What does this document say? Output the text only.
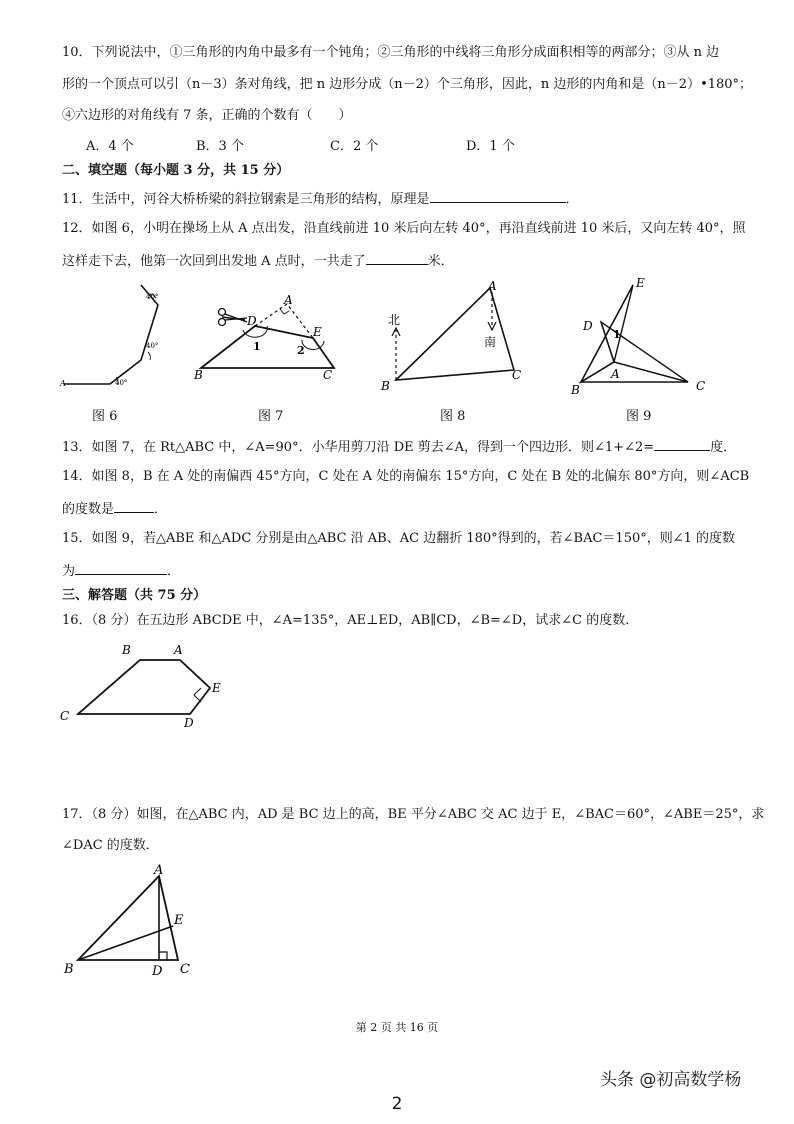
10．下列说法中，①三角形的内角中最多有一个钝角；②三角形的中线将三角形分成面积相等的两部分；③从 n 边
形的一个顶点可以引（n－3）条对角线，把 n 边形分成（n－2）个三角形，因此，n 边形的内角和是（n－2）•180°；
④六边形的对角线有 7 条，正确的个数有（　　）
A．4 个	B．3 个	C．2 个	D．1 个
二、填空题（每小题 3 分，共 15 分）
11．生活中，河谷大桥桥梁的斜拉钢索是三角形的结构，原理是	．
12．如图 6，小明在操场上从 A 点出发，沿直线前进 10 米后向左转 40°，再沿直线前进 10 米后，又向左转 40°，照
这样走下去，他第一次回到出发地 A 点时，一共走了	米．
A	40°
40°
40°
B	C
A
D
E
1	2
北
南
A
B
C
E
D
A
B	C
1
图 6	图 7	图 8	图 9
13．如图 7，在 Rt△ABC 中，∠A=90°．小华用剪刀沿 DE 剪去∠A，得到一个四边形．则∠1+∠2=	度．
14．如图 8，B 在 A 处的南偏西 45°方向，C 处在 A 处的南偏东 15°方向，C 处在 B 处的北偏东 80°方向，则∠ACB
的度数是	．
15．如图 9，若△ABE 和△ADC 分别是由△ABC 沿 AB、AC 边翻折 180°得到的，若∠BAC＝150°，则∠1 的度数
为	．
三、解答题（共 75 分）
16．（8 分）在五边形 ABCDE 中，∠A=135°，AE⊥ED，AB∥CD，∠B=∠D，试求∠C 的度数．
B	A
E
C	D
17．（8 分）如图，在△ABC 内，AD 是 BC 边上的高，BE 平分∠ABC 交 AC 边于 E，∠BAC＝60°，∠ABE＝25°，求
∠DAC 的度数．
A
B	C
D
E
第 2 页 共 16 页
头条 @初高数学杨
2
